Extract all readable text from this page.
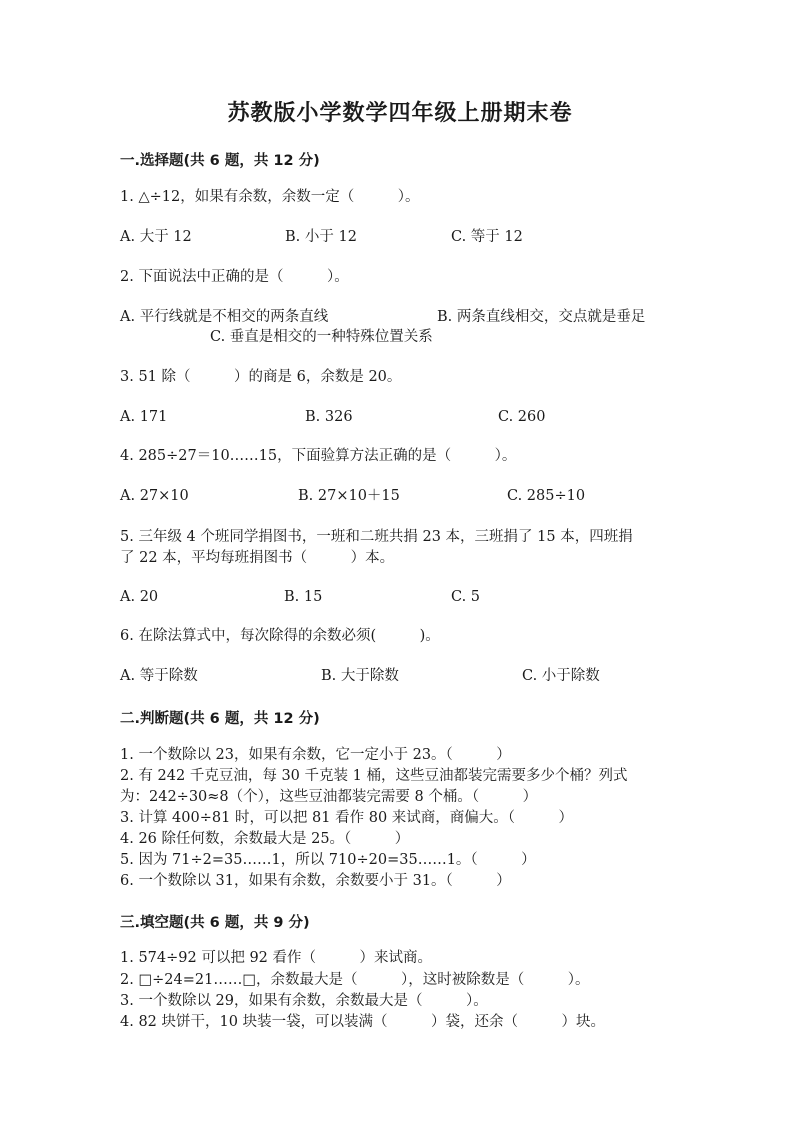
苏教版小学数学四年级上册期末卷
一.选择题(共 6 题，共 12 分)
1. △÷12，如果有余数，余数一定（　　　）。
A. 大于 12	B. 小于 12	C. 等于 12
2. 下面说法中正确的是（　　　）。
A. 平行线就是不相交的两条直线	B. 两条直线相交，交点就是垂足
C. 垂直是相交的一种特殊位置关系
3. 51 除（　　　）的商是 6，余数是 20。
A. 171	B. 326	C. 260
4. 285÷27＝10……15，下面验算方法正确的是（　　　）。
A. 27×10	B. 27×10＋15	C. 285÷10
5. 三年级 4 个班同学捐图书，一班和二班共捐 23 本，三班捐了 15 本，四班捐
了 22 本，平均每班捐图书（　　　）本。
A. 20	B. 15	C. 5
6. 在除法算式中，每次除得的余数必须(　　　)。
A. 等于除数	B. 大于除数	C. 小于除数
二.判断题(共 6 题，共 12 分)
1. 一个数除以 23，如果有余数，它一定小于 23。（　　　）
2. 有 242 千克豆油，每 30 千克装 1 桶，这些豆油都装完需要多少个桶？列式
为：242÷30≈8（个），这些豆油都装完需要 8 个桶。（　　　）
3. 计算 400÷81 时，可以把 81 看作 80 来试商，商偏大。（　　　）
4. 26 除任何数，余数最大是 25。（　　　）
5. 因为 71÷2=35……1，所以 710÷20=35……1。（　　　）
6. 一个数除以 31，如果有余数，余数要小于 31。（　　　）
三.填空题(共 6 题，共 9 分)
1. 574÷92 可以把 92 看作（　　　）来试商。
2. □÷24=21……□，余数最大是（　　　），这时被除数是（　　　）。
3. 一个数除以 29，如果有余数，余数最大是（　　　）。
4. 82 块饼干，10 块装一袋，可以装满（　　　）袋，还余（　　　）块。
